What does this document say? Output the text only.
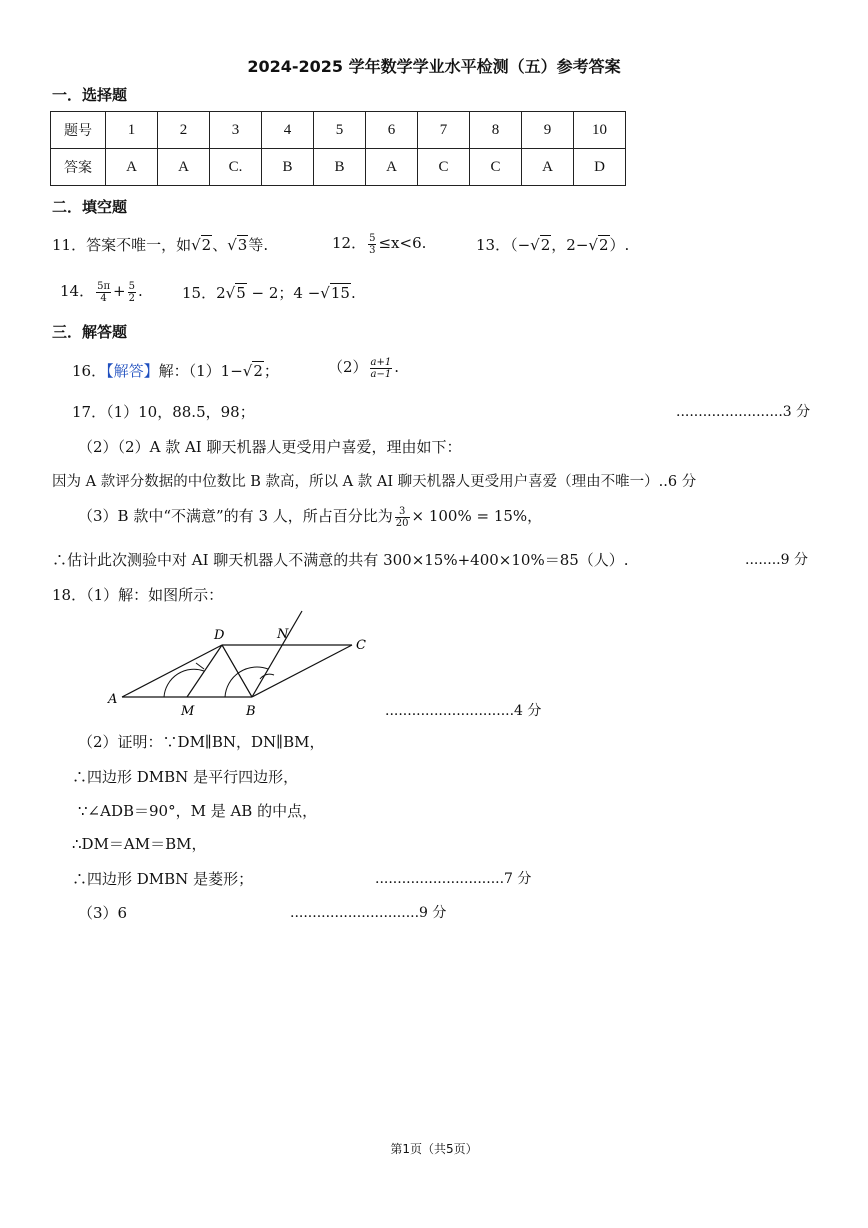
2024-2025 学年数学学业水平检测（五）参考答案
一．选择题
题号	1	2	3	4	5	6	7	8	9	10
答案	A	A	C.	B	B	A	C	C	A	D
二．填空题
11．答案不唯一，如√2、√3等.	12． $\frac{5}{3} \le x<6$.	13．（−√2，2−√2）.
14． $\frac{5\pi}{4} + \frac{5}{2}$ .	15．2√5 − 2；4 −√15.
三．解答题
16．【解答】解：（1）1−√2；	$(2) \frac{a+1}{a-1}$ .
17．（1）10，88.5，98；	........................3 分
（2）（2）A 款 AI 聊天机器人更受用户喜爱，理由如下：
因为 A 款评分数据的中位数比 B 款高，所以 A 款 AI 聊天机器人更受用户喜爱（理由不唯一）..6 分
（3）B 款中“不满意”的有 3 人，所占百分比为 $\frac{3}{20} \times 100\% = 15\%$，
∴估计此次测验中对 AI 聊天机器人不满意的共有 300×15%+400×10%＝85（人）.	........9 分
18．（1）解：如图所示：
A
M	B
D	N
C
.............................4 分
（2）证明：∵DM∥BN，DN∥BM，
∴四边形 DMBN 是平行四边形，
∵∠ADB＝90°，M 是 AB 的中点，
∴DM＝AM＝BM，
∴四边形 DMBN 是菱形；	.............................7 分
（3）6	.............................9 分
第1页（共5页）
